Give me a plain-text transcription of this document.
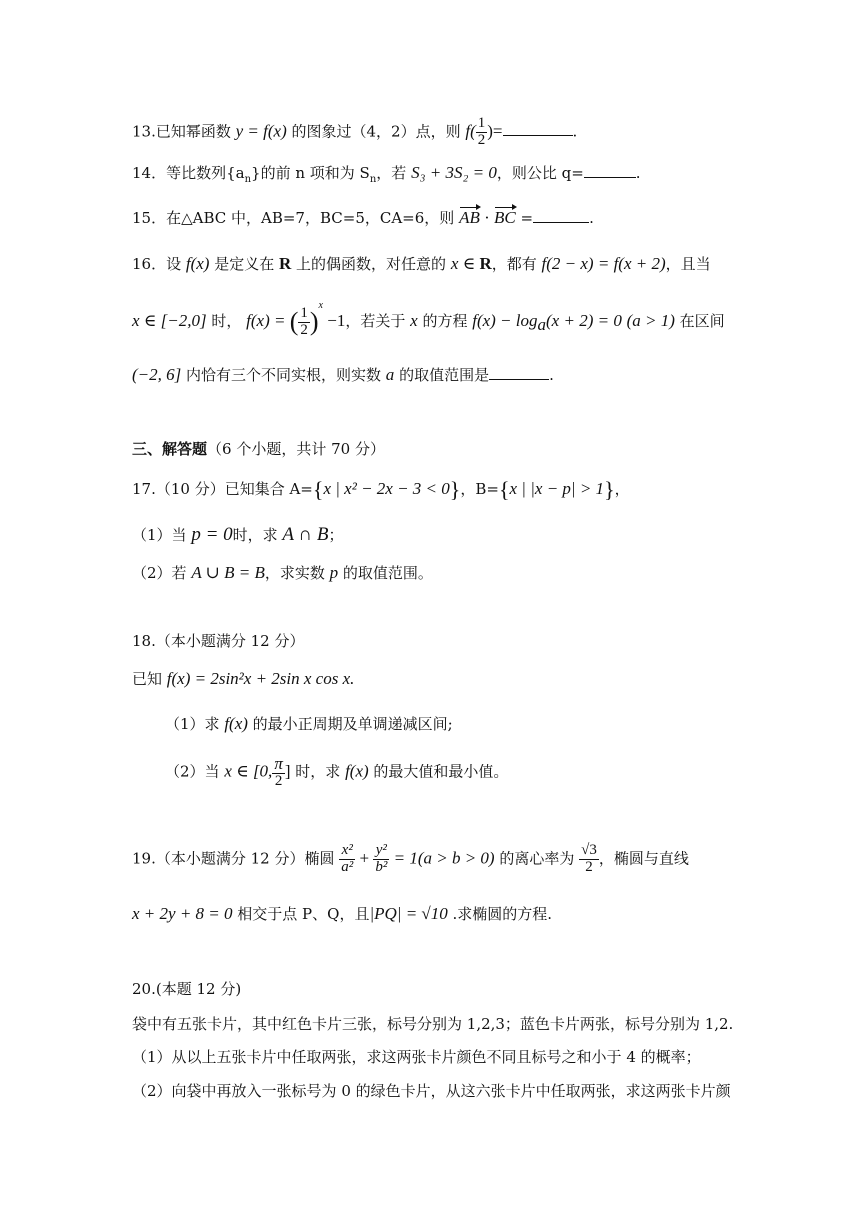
13.已知幂函数 y = f(x) 的图象过（4，2）点，则 $f( \frac{1}{2}$ )=	.
14．等比数列$\{a_n\}$的前 n 项和为 $S_n$，若 S₃ + 3S₂ = 0，则公比 q=	.
15．在△ABC 中，AB=7，BC=5，CA=6，则 AB · BC =	.
16．设 f(x) 是定义在 R 上的偶函数，对任意的 x ∈ R，都有 f(2 − x) = f(x + 2)，且当
x ∈ [−2,0] 时， f(x) = ( $\frac{1}{2} )^x -1$，若关于 x 的方程 $f(x) - \log_a(x + 2) = 0$ (a > 1) 在区间
(−2, 6] 内恰有三个不同实根，则实数 a 的取值范围是	.
三、解答题（6 个小题，共计 70 分）
17.（10 分）已知集合 A={x | x² − 2x − 3 < 0}，B={x | |x − p| > 1}，
（1）当 p = 0时，求 A ∩ B；
（2）若 A ∪ B = B，求实数 p 的取值范围。
18.（本小题满分 12 分）
已知 f(x) = 2sin²x + 2sin x cos x.
（1）求 f(x) 的最小正周期及单调递减区间;
（2）当 x ∈ [0, $\frac{\pi}{2}$ ] 时，求 f(x) 的最大值和最小值。
19.（本小题满分 12 分）椭圆 $\frac{\text{x²}}{\text{a²}} + \frac{\text{y²}}{\text{b²}} = 1(a > b > 0)$ 的离心率为 $\frac{√3}{2}$ ，椭圆与直线
x + 2y + 8 = 0 相交于点 P、Q，且|PQ| = √10 .求椭圆的方程.
20.(本题 12 分)
袋中有五张卡片，其中红色卡片三张，标号分别为 1,2,3；蓝色卡片两张，标号分别为 1,2.
（1）从以上五张卡片中任取两张，求这两张卡片颜色不同且标号之和小于 4 的概率；
（2）向袋中再放入一张标号为 0 的绿色卡片，从这六张卡片中任取两张，求这两张卡片颜
